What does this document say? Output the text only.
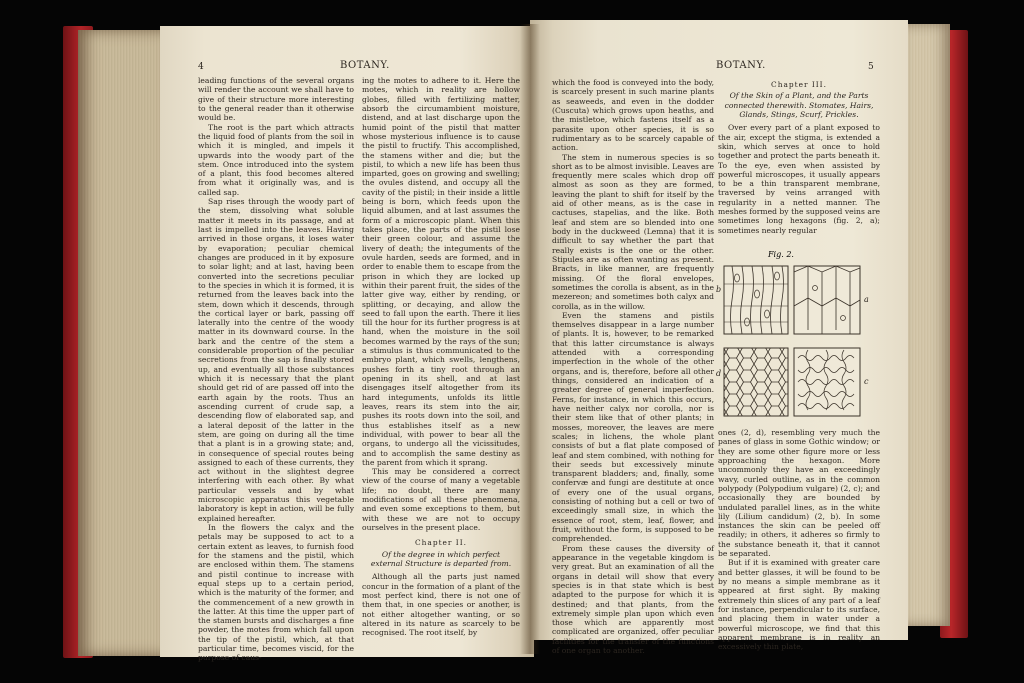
4	BOTANY.

leading functions of the several organs will render the account we shall have to give of their structure more interesting to the general reader than it otherwise would be.

The root is the part which attracts the liquid food of plants from the soil in which it is mingled, and impels it upwards into the woody part of the stem. Once introduced into the system of a plant, this food becomes altered from what it originally was, and is called sap.

Sap rises through the woody part of the stem, dissolving what soluble matter it meets in its passage, and at last is impelled into the leaves. Having arrived in those organs, it loses water by evaporation; peculiar chemical changes are produced in it by exposure to solar light; and at last, having been converted into the secretions peculiar to the species in which it is formed, it is returned from the leaves back into the stem, down which it descends, through the cortical layer or bark, passing off laterally into the centre of the woody matter in its downward course. In the bark and the centre of the stem a considerable proportion of the peculiar secretions from the sap is finally stored up, and eventually all those substances which it is necessary that the plant should get rid of are passed off into the earth again by the roots. Thus an ascending current of crude sap, a descending flow of elaborated sap, and a lateral deposit of the latter in the stem, are going on during all the time that a plant is in a growing state; and, in consequence of special routes being assigned to each of these currents, they act without in the slightest degree interfering with each other. By what particular vessels and by what microscopic apparatus this vegetable laboratory is kept in action, will be fully explained hereafter.

In the flowers the calyx and the petals may be supposed to act to a certain extent as leaves, to furnish food for the stamens and the pistil, which are enclosed within them. The stamens and pistil continue to increase with equal steps up to a certain period, which is the maturity of the former, and the commencement of a new growth in the latter. At this time the upper part of the stamen bursts and discharges a fine powder, the motes from which fall upon the tip of the pistil, which, at that particular time, becomes viscid, for the purpose of caus-

ing the motes to adhere to it. Here the motes, which in reality are hollow globes, filled with fertilizing matter, absorb the circumambient moisture, distend, and at last discharge upon the humid point of the pistil that matter whose mysterious influence is to cause the pistil to fructify. This accomplished, the stamens wither and die; but the pistil, to which a new life has been thus imparted, goes on growing and swelling; the ovules distend, and occupy all the cavity of the pistil; in their inside a little being is born, which feeds upon the liquid albumen, and at last assumes the form of a microscopic plant. When this takes place, the parts of the pistil lose their green colour, and assume the livery of death; the integuments of the ovule harden, seeds are formed, and in order to enable them to escape from the prison in which they are locked up within their parent fruit, the sides of the latter give way, either by rending, or splitting, or decaying, and allow the seed to fall upon the earth. There it lies till the hour for its further progress is at hand, when the moisture in the soil becomes warmed by the rays of the sun; a stimulus is thus communicated to the embryo plant, which swells, lengthens, pushes forth a tiny root through an opening in its shell, and at last disengages itself altogether from its hard integuments, unfolds its little leaves, rears its stem into the air, pushes its roots down into the soil, and thus establishes itself as a new individual, with power to bear all the organs, to undergo all the vicissitudes, and to accomplish the same destiny as the parent from which it sprang.

This may be considered a correct view of the course of many a vegetable life; no doubt, there are many modifications of all these phenomena, and even some exceptions to them, but with these we are not to occupy ourselves in the present place.

Chapter II.
Of the degree in which perfect external Structure is departed from.

Although all the parts just named concur in the formation of a plant of the most perfect kind, there is not one of them that, in one species or another, is not either altogether wanting, or so altered in its nature as scarcely to be recognised. The root itself, by

BOTANY.	5

which the food is conveyed into the body, is scarcely present in such marine plants as seaweeds, and even in the dodder (Cuscuta) which grows upon heaths, and the mistletoe, which fastens itself as a parasite upon other species, it is so rudimentary as to be scarcely capable of action.

The stem in numerous species is so short as to be almost invisible. Leaves are frequently mere scales which drop off almost as soon as they are formed, leaving the plant to shift for itself by the aid of other means, as is the case in cactuses, stapelias, and the like. Both leaf and stem are so blended into one body in the duckweed (Lemna) that it is difficult to say whether the part that really exists is the one or the other. Stipules are as often wanting as present. Bracts, in like manner, are frequently missing. Of the floral envelopes, sometimes the corolla is absent, as in the mezereon; and sometimes both calyx and corolla, as in the willow.

Even the stamens and pistils themselves disappear in a large number of plants. It is, however, to be remarked that this latter circumstance is always attended with a corresponding imperfection in the whole of the other organs, and is, therefore, before all other things, considered an indication of a greater degree of general imperfection. Ferns, for instance, in which this occurs, have neither calyx nor corolla, nor is their stem like that of other plants; in mosses, moreover, the leaves are mere scales; in lichens, the whole plant consists of but a flat plate composed of leaf and stem combined, with nothing for their seeds but excessively minute transparent bladders; and, finally, some confervæ and fungi are destitute at once of every one of the usual organs, consisting of nothing but a cell or two of exceedingly small size, in which the essence of root, stem, leaf, flower, and fruit, without the form, is supposed to be comprehended.

From these causes the diversity of appearance in the vegetable kingdom is very great. But an examination of all the organs in detail will show that every species is in that state which is best adapted to the purpose for which it is destined; and that plants, from the extremely simple plan upon which even those which are apparently most complicated are organized, offer peculiar facilities for the transfer of the functions of one organ to another.

Chapter III.
Of the Skin of a Plant, and the Parts connected therewith. Stomates, Hairs, Glands, Stings, Scurf, Prickles.

Over every part of a plant exposed to the air, except the stigma, is extended a skin, which serves at once to hold together and protect the parts beneath it. To the eye, even when assisted by powerful microscopes, it usually appears to be a thin transparent membrane, traversed by veins arranged with regularity in a netted manner. The meshes formed by the supposed veins are sometimes long hexagons (fig. 2, a); sometimes nearly regular

ones (2, d), resembling very much the panes of glass in some Gothic window; or they are some other figure more or less approaching the hexagon. More uncommonly they have an exceedingly wavy, curled outline, as in the common polypody (Polypodium vulgare) (2, c); and occasionally they are bounded by undulated parallel lines, as in the white lily (Lilium candidum) (2, b). In some instances the skin can be peeled off readily; in others, it adheres so firmly to the substance beneath it, that it cannot be separated.

But if it is examined with greater care and better glasses, it will be found to be by no means a simple membrane as it appeared at first sight. By making extremely thin slices of any part of a leaf for instance, perpendicular to its surface, and placing them in water under a powerful microscope, we find that this apparent membrane is in reality an excessively thin plate,

Fig. 2.
b
a
d
c
